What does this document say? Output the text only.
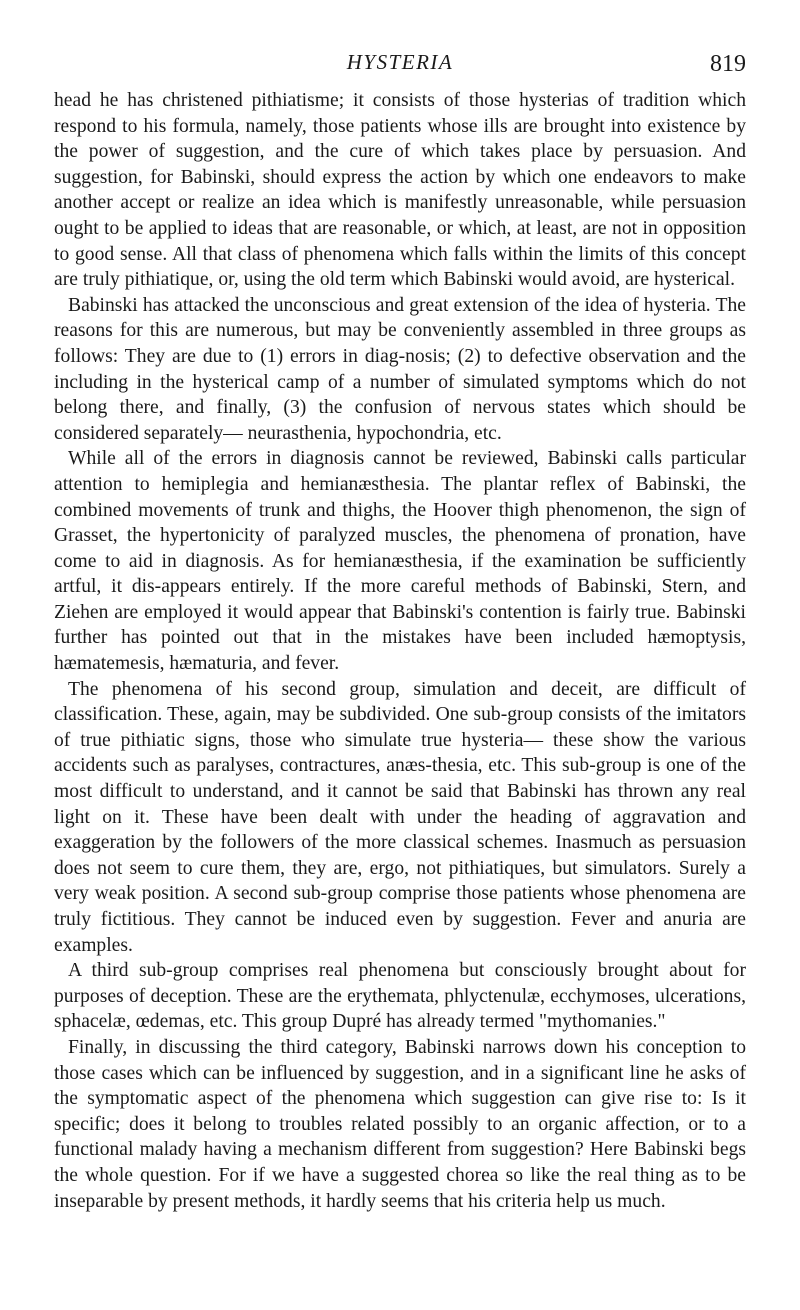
HYSTERIA	819

head he has christened pithiatisme; it consists of those hysterias of tradition which respond to his formula, namely, those patients whose ills are brought into existence by the power of suggestion, and the cure of which takes place by persuasion. And suggestion, for Babinski, should express the action by which one endeavors to make another accept or realize an idea which is manifestly unreasonable, while persuasion ought to be applied to ideas that are reasonable, or which, at least, are not in opposition to good sense. All that class of phenomena which falls within the limits of this concept are truly pithiatique, or, using the old term which Babinski would avoid, are hysterical.

Babinski has attacked the unconscious and great extension of the idea of hysteria. The reasons for this are numerous, but may be conveniently assembled in three groups as follows: They are due to (1) errors in diag-nosis; (2) to defective observation and the including in the hysterical camp of a number of simulated symptoms which do not belong there, and finally, (3) the confusion of nervous states which should be considered separately— neurasthenia, hypochondria, etc.

While all of the errors in diagnosis cannot be reviewed, Babinski calls particular attention to hemiplegia and hemianæsthesia. The plantar reflex of Babinski, the combined movements of trunk and thighs, the Hoover thigh phenomenon, the sign of Grasset, the hypertonicity of paralyzed muscles, the phenomena of pronation, have come to aid in diagnosis. As for hemianæsthesia, if the examination be sufficiently artful, it dis-appears entirely. If the more careful methods of Babinski, Stern, and Ziehen are employed it would appear that Babinski's contention is fairly true. Babinski further has pointed out that in the mistakes have been included hæmoptysis, hæmatemesis, hæmaturia, and fever.

The phenomena of his second group, simulation and deceit, are difficult of classification. These, again, may be subdivided. One sub-group consists of the imitators of true pithiatic signs, those who simulate true hysteria— these show the various accidents such as paralyses, contractures, anæs-thesia, etc. This sub-group is one of the most difficult to understand, and it cannot be said that Babinski has thrown any real light on it. These have been dealt with under the heading of aggravation and exaggeration by the followers of the more classical schemes. Inasmuch as persuasion does not seem to cure them, they are, ergo, not pithiatiques, but simulators. Surely a very weak position. A second sub-group comprise those patients whose phenomena are truly fictitious. They cannot be induced even by suggestion. Fever and anuria are examples.

A third sub-group comprises real phenomena but consciously brought about for purposes of deception. These are the erythemata, phlyctenulæ, ecchymoses, ulcerations, sphacelæ, œdemas, etc. This group Dupré has already termed "mythomanies."

Finally, in discussing the third category, Babinski narrows down his conception to those cases which can be influenced by suggestion, and in a significant line he asks of the symptomatic aspect of the phenomena which suggestion can give rise to: Is it specific; does it belong to troubles related possibly to an organic affection, or to a functional malady having a mechanism different from suggestion? Here Babinski begs the whole question. For if we have a suggested chorea so like the real thing as to be inseparable by present methods, it hardly seems that his criteria help us much.
